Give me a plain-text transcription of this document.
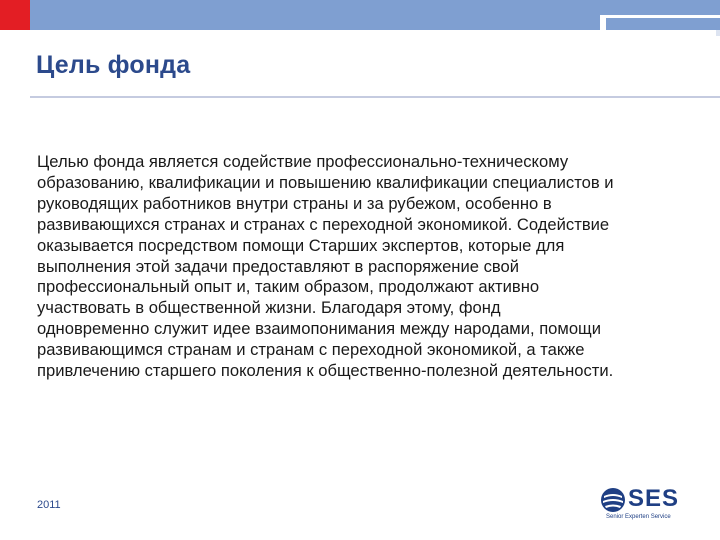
Цель фонда

Целью фонда является содействие профессионально-техническому

образованию, квалификации и повышению квалификации специалистов и

руководящих работников внутри страны и за рубежом, особенно в

развивающихся странах и странах с переходной экономикой. Содействие

оказывается посредством помощи Старших экспертов, которые для

выполнения этой задачи предоставляют в распоряжение свой

профессиональный опыт и, таким образом, продолжают активно

участвовать в общественной жизни. Благодаря этому, фонд

одновременно служит идее взаимопонимания между народами, помощи

развивающимся странам и странам с переходной экономикой, а также

привлечению старшего поколения к общественно-полезной деятельности.

2011	SES
Senior Experten Service
